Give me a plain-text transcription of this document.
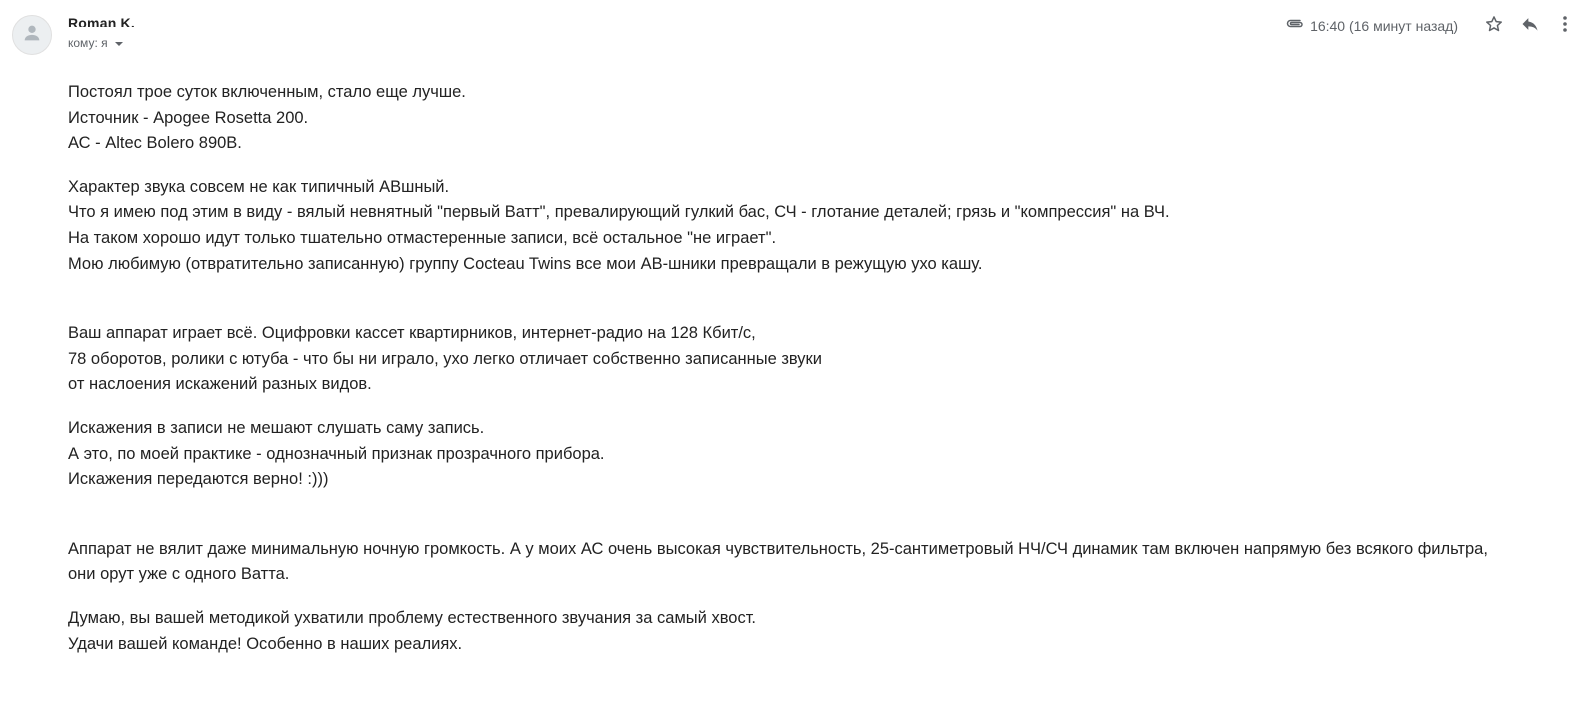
Roman K.
кому: я
16:40 (16 минут назад)
Постоял трое суток включенным, стало еще лучше.
Источник - Apogee Rosetta 200.
АС - Altec Bolero 890B.
Характер звука совсем не как типичный АВшный.
Что я имею под этим в виду - вялый невнятный "первый Ватт", превалирующий гулкий бас, СЧ - глотание деталей; грязь и "компрессия" на ВЧ.
На таком хорошо идут только тшательно отмастеренные записи, всё остальное "не играет".
Мою любимую (отвратительно записанную) группу Cocteau Twins все мои АВ-шники превращали в режущую ухо кашу.
Ваш аппарат играет всё. Оцифровки кассет квартирников, интернет-радио на 128 Кбит/с,
78 оборотов, ролики с ютуба - что бы ни играло, ухо легко отличает собственно записанные звуки
от наслоения искажений разных видов.
Искажения в записи не мешают слушать саму запись.
А это, по моей практике - однозначный признак прозрачного прибора.
Искажения передаются верно! :)))
Аппарат не вялит даже минимальную ночную громкость. А у моих АС очень высокая чувствительность, 25-сантиметровый НЧ/СЧ динамик там включен напрямую без всякого фильтра,
они орут уже с одного Ватта.
Думаю, вы вашей методикой ухватили проблему естественного звучания за самый хвост.
Удачи вашей команде! Особенно в наших реалиях.
